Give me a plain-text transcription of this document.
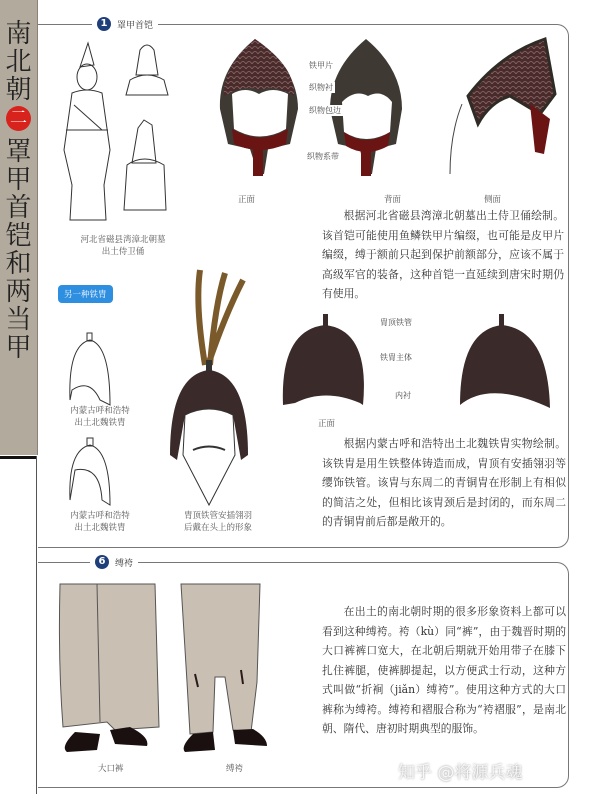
南
北
朝
二
罩
甲
首
铠
和
两
当
甲
1	罩甲首铠
河北省磁县湾漳北朝墓出土侍卫俑
铁甲片
织物衬
织物包边
织物系带
正面	背面	侧面
根据河北省磁县湾漳北朝墓出土侍卫俑绘制。该首铠可能使用鱼鳞铁甲片编缀，也可能是皮甲片编缀，缚于额前只起到保护前额部分，应该不属于高级军官的装备，这种首铠一直延续到唐宋时期仍有使用。
另一种铁胄
内蒙古呼和浩特出土北魏铁胄
内蒙古呼和浩特出土北魏铁胄
胄顶铁管安插翎羽后戴在头上的形象
胄顶铁管
铁胄主体
内衬
正面
根据内蒙古呼和浩特出土北魏铁胄实物绘制。该铁胄是用生铁整体铸造而成，胄顶有安插翎羽等缨饰铁管。该胄与东周二的青铜胄在形制上有相似的简洁之处，但相比该胄颈后是封闭的，而东周二的青铜胄前后都是敞开的。
6	缚袴
大口裤	缚袴
在出土的南北朝时期的很多形象资料上都可以看到这种缚袴。袴（kù）同“裤”，由于魏晋时期的大口裤裤口宽大，在北朝后期就开始用带子在膝下扎住裤腿，使裤脚提起，以方便武士行动，这种方式叫做“折裥（jiǎn）缚袴”。使用这种方式的大口裤称为缚袴。缚袴和褶服合称为“袴褶服”，是南北朝、隋代、唐初时期典型的服饰。
知乎 @将源兵魂
